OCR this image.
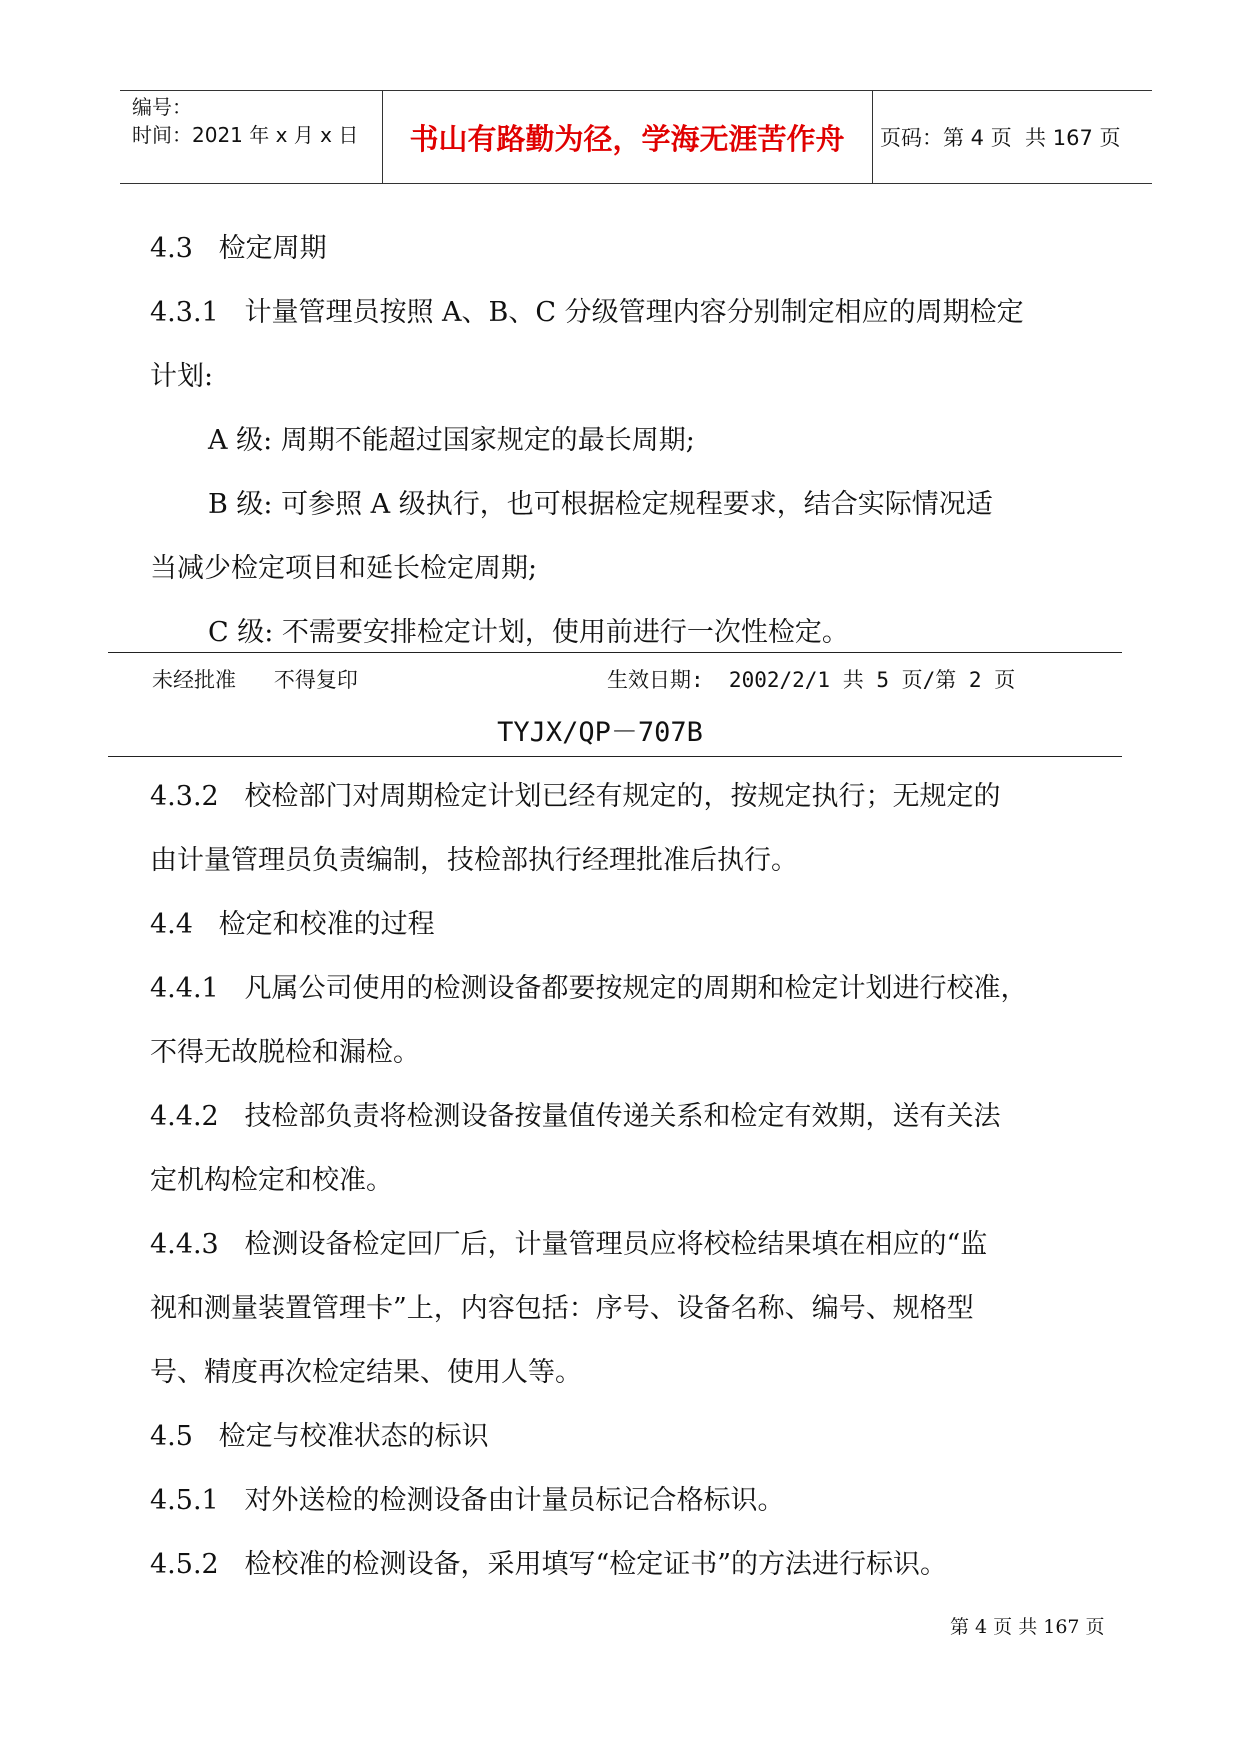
编号：
时间：2021 年 x 月 x 日	书山有路勤为径，学海无涯苦作舟	页码：第 4 页  共 167 页
4.3   检定周期
4.3.1   计量管理员按照 A、B、C 分级管理内容分别制定相应的周期检定
计划:
A 级: 周期不能超过国家规定的最长周期;
B 级: 可参照 A 级执行，也可根据检定规程要求，结合实际情况适
当减少检定项目和延长检定周期;
C 级: 不需要安排检定计划，使用前进行一次性检定。
未经批准   不得复印	生效日期:  2002/2/1 共 5 页/第 2 页
TYJX/QP－707B
4.3.2   校检部门对周期检定计划已经有规定的，按规定执行；无规定的
由计量管理员负责编制，技检部执行经理批准后执行。
4.4   检定和校准的过程
4.4.1   凡属公司使用的检测设备都要按规定的周期和检定计划进行校准，
不得无故脱检和漏检。
4.4.2   技检部负责将检测设备按量值传递关系和检定有效期，送有关法
定机构检定和校准。
4.4.3   检测设备检定回厂后，计量管理员应将校检结果填在相应的“监
视和测量装置管理卡”上，内容包括：序号、设备名称、编号、规格型
号、精度再次检定结果、使用人等。
4.5   检定与校准状态的标识
4.5.1   对外送检的检测设备由计量员标记合格标识。
4.5.2   检校准的检测设备，采用填写“检定证书”的方法进行标识。
第 4 页 共 167 页
